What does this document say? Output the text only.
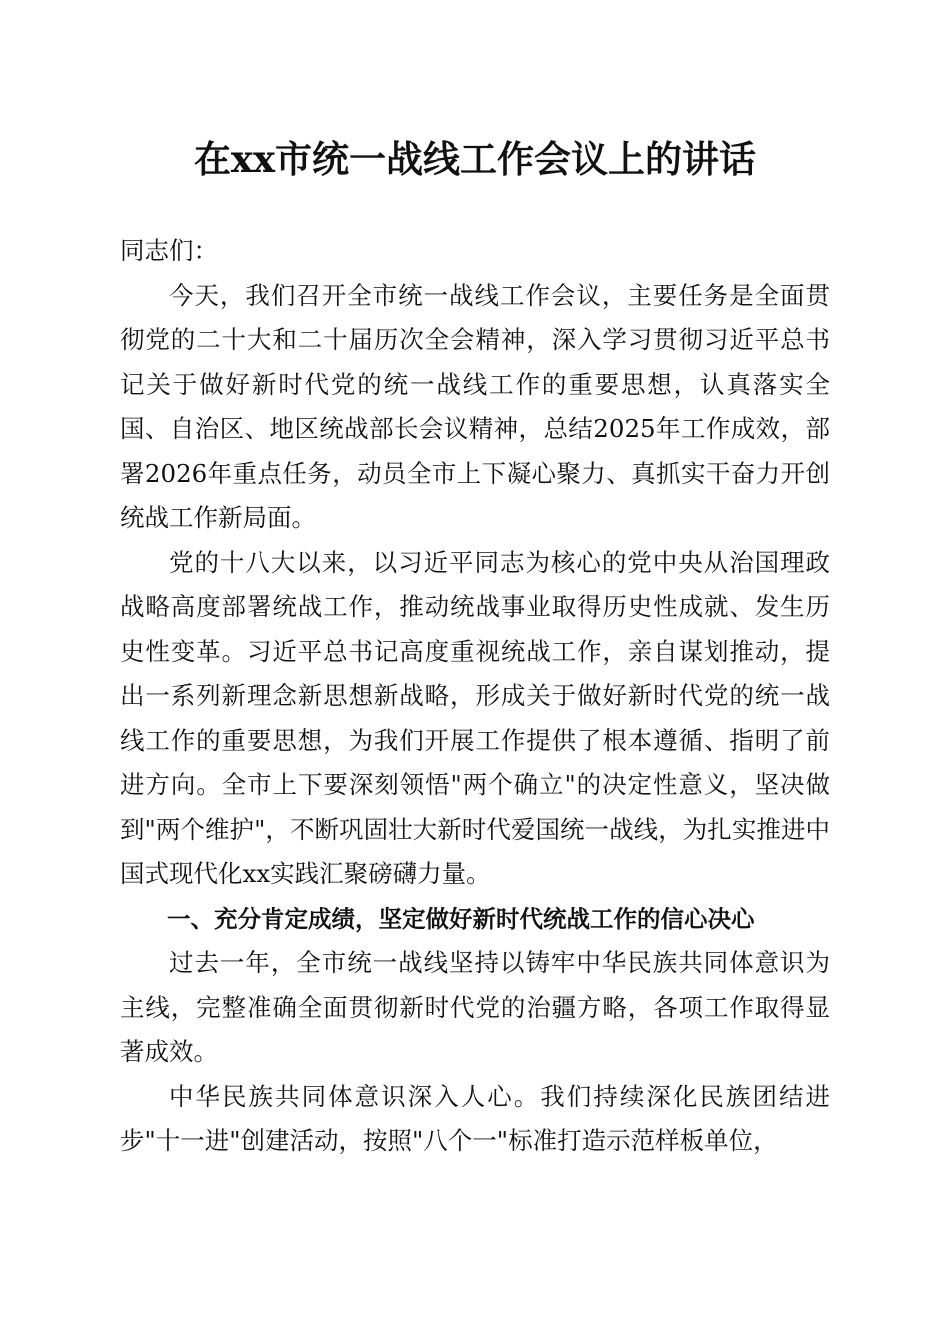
在xx市统一战线工作会议上的讲话

同志们：

今天，我们召开全市统一战线工作会议，主要任务是全面贯彻党的二十大和二十届历次全会精神，深入学习贯彻习近平总书记关于做好新时代党的统一战线工作的重要思想，认真落实全国、自治区、地区统战部长会议精神，总结2025年工作成效，部署2026年重点任务，动员全市上下凝心聚力、真抓实干奋力开创统战工作新局面。

党的十八大以来，以习近平同志为核心的党中央从治国理政战略高度部署统战工作，推动统战事业取得历史性成就、发生历史性变革。习近平总书记高度重视统战工作，亲自谋划推动，提出一系列新理念新思想新战略，形成关于做好新时代党的统一战线工作的重要思想，为我们开展工作提供了根本遵循、指明了前进方向。全市上下要深刻领悟"两个确立"的决定性意义，坚决做到"两个维护"，不断巩固壮大新时代爱国统一战线，为扎实推进中国式现代化xx实践汇聚磅礴力量。

一、充分肯定成绩，坚定做好新时代统战工作的信心决心

过去一年，全市统一战线坚持以铸牢中华民族共同体意识为主线，完整准确全面贯彻新时代党的治疆方略，各项工作取得显著成效。

中华民族共同体意识深入人心。我们持续深化民族团结进步"十一进"创建活动，按照"八个一"标准打造示范样板单位，
